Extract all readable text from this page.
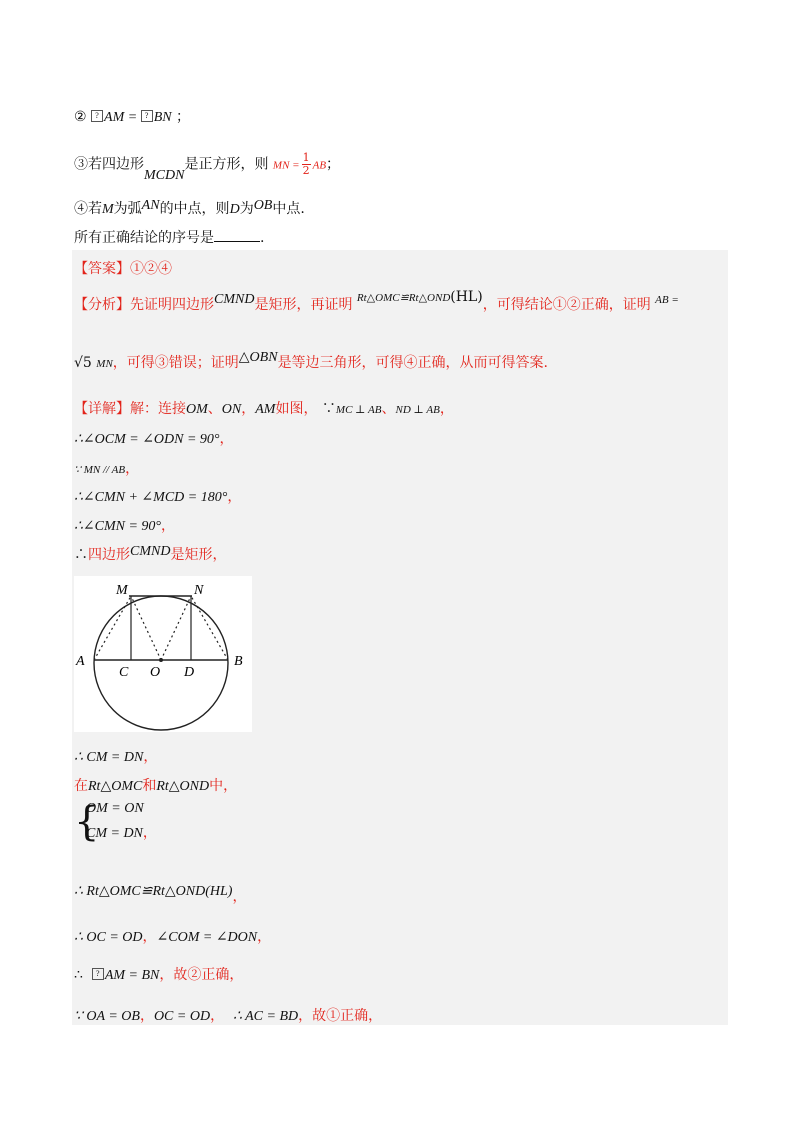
② ? AM = ? BN ；
③若四边形MCDN是正方形，则 MN = $\frac{1}{2}$ AB；
④若M为弧AN的中点，则D为OB中点.
所有正确结论的序号是	.
【答案】①②④
【分析】先证明四边形CMND是矩形，再证明 $^{Rt\triangle OMC≌Rt\triangle OND}$(HL)，可得结论①②正确，证明 $^{AB =}$
√5 MN，可得③错误；证明△OBN是等边三角形，可得④正确，从而可得答案.
【详解】解：连接OM、ON，AM如图， ∵MC ⊥ AB、ND ⊥ AB，
∴∠OCM = ∠ODN = 90°，
∵ MN // AB，
∴∠CMN + ∠MCD = 180°，
∴∠CMN = 90°，
∴四边形CMND是矩形，
M	N
A	B
C O D
∴ CM = DN，
在Rt△OMC和Rt△OND中，
{
OM = ON
CM = DN，
∴ Rt△OMC≌Rt△OND(HL)，
∴ OC = OD，∠COM = ∠DON，
∴ ? AM = BN，故②正确，
∵ OA = OB，OC = OD， ∴ AC = BD，故①正确，
